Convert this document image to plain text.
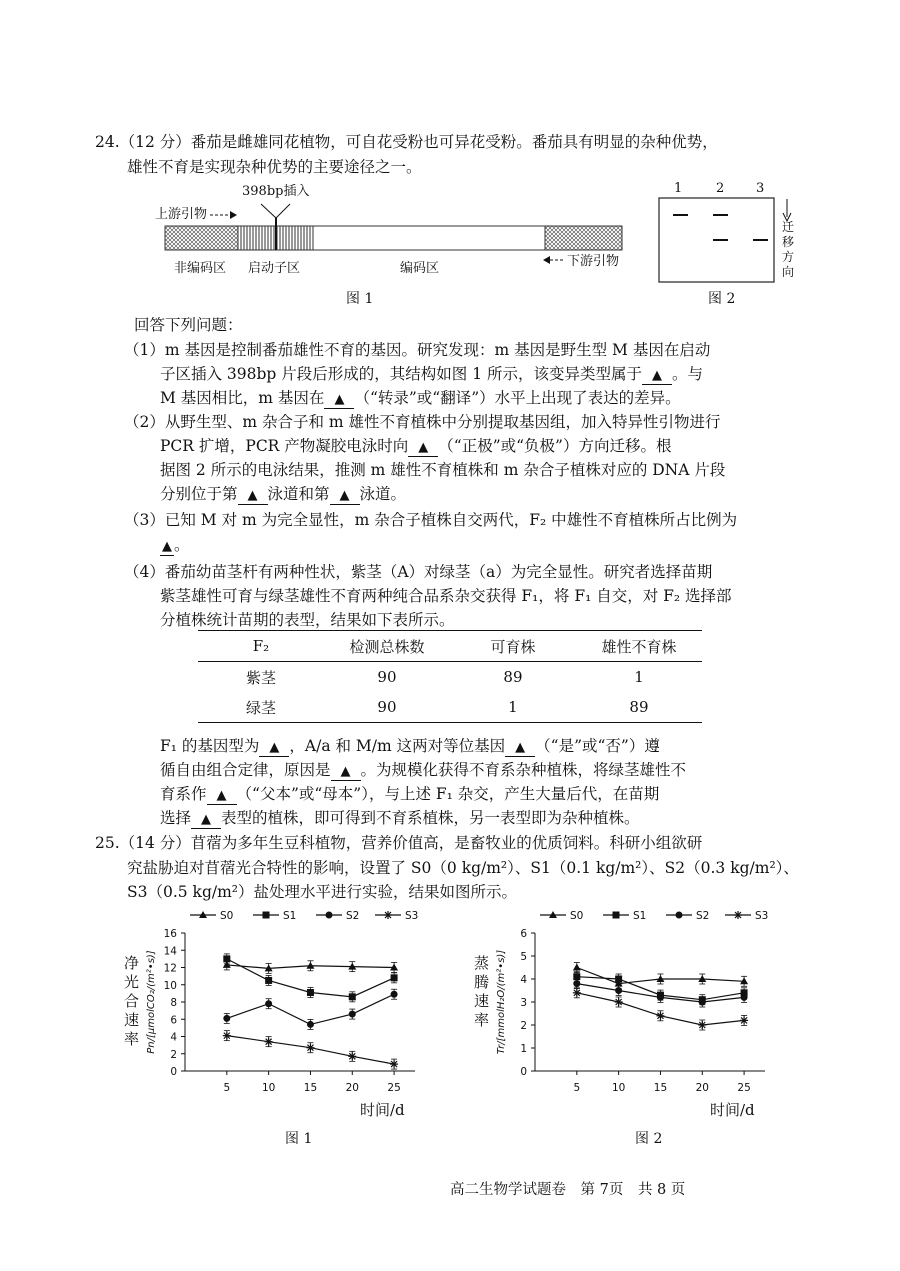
24.（12 分）番茄是雌雄同花植物，可自花受粉也可异花受粉。番茄具有明显的杂种优势，
雄性不育是实现杂种优势的主要途径之一。
398bp插入
上游引物
下游引物
非编码区 启动子区	编码区
图 1
1	2 3
迁
移
方
向
图 2
回答下列问题：
（1）m 基因是控制番茄雄性不育的基因。研究发现：m 基因是野生型 M 基因在启动
子区插入 398bp 片段后形成的，其结构如图 1 所示，该变异类型属于 ▲ 。与
M 基因相比，m 基因在 ▲ （“转录”或“翻译”）水平上出现了表达的差异。
（2）从野生型、m 杂合子和 m 雄性不育植株中分别提取基因组，加入特异性引物进行
PCR 扩增，PCR 产物凝胶电泳时向 ▲ （“正极”或“负极”）方向迁移。根
据图 2 所示的电泳结果，推测 m 雄性不育植株和 m 杂合子植株对应的 DNA 片段
分别位于第 ▲ 泳道和第 ▲ 泳道。
（3）已知 M 对 m 为完全显性，m 杂合子植株自交两代，F₂ 中雄性不育植株所占比例为
▲ 。
（4）番茄幼苗茎杆有两种性状，紫茎（A）对绿茎（a）为完全显性。研究者选择苗期
紫茎雄性可育与绿茎雄性不育两种纯合品系杂交获得 F₁，将 F₁ 自交，对 F₂ 选择部
分植株统计苗期的表型，结果如下表所示。
F₂	检测总株数	可育株	雄性不育株
紫茎	90	89	1
绿茎	90	1	89
F₁ 的基因型为 ▲ ，A/a 和 M/m 这两对等位基因 ▲ （“是”或“否”）遵
循自由组合定律，原因是 ▲ 。为规模化获得不育系杂种植株，将绿茎雄性不
育系作 ▲ （“父本”或“母本”），与上述 F₁ 杂交，产生大量后代，在苗期
选择 ▲ 表型的植株，即可得到不育系植株，另一表型即为杂种植株。
25.（14 分）苜蓿为多年生豆科植物，营养价值高，是畜牧业的优质饲料。科研小组欲研
究盐胁迫对苜蓿光合特性的影响，设置了 S0（0 kg/m²）、S1（0.1 kg/m²）、S2（0.3 kg/m²）、
S3（0.5 kg/m²）盐处理水平进行实验，结果如图所示。
S0	S1	S2	S3
0
2
4
6
8
10
12
14
16
5	10	15	20	25
净
光
合
速
率 Pn/[μmolCO₂/(m²•s)]
时间/d
图 1
S0	S1	S2	S3
0
1
2
3
4
5
6
5	10	15	20	25
蒸
腾
速
率 Tr/[mmolH₂O/(m²•s)]
时间/d
图 2
高二生物学试题卷　第 7页　共 8 页
